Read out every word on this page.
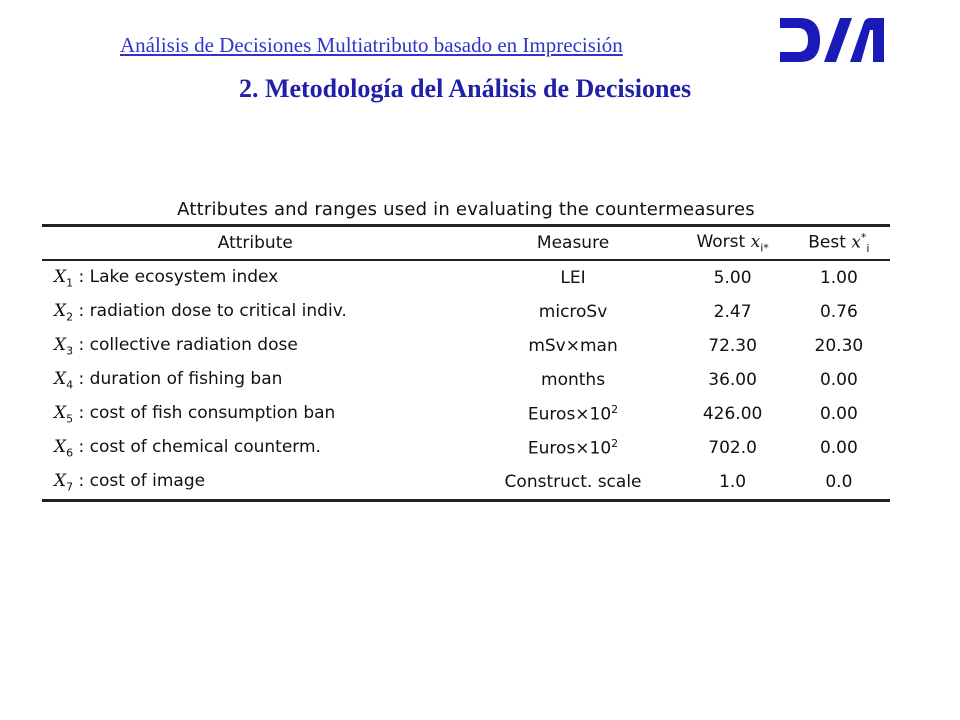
Análisis de Decisiones Multiatributo basado en Imprecisión
2. Metodología del Análisis de Decisiones
Attributes and ranges used in evaluating the countermeasures
Attribute	Measure	Worst $x_{i*}$	Best $x^*_i$
$X_1$ : Lake ecosystem index	LEI	5.00	1.00
$X_2$ : radiation dose to critical indiv.	microSv	2.47	0.76
$X_3$ : collective radiation dose	mSv×man	72.30	20.30
$X_4$ : duration of fishing ban	months	36.00	0.00
$X_5$ : cost of fish consumption ban	$Euros\times 10^2$	426.00	0.00
$X_6$ : cost of chemical counterm.	$Euros\times 10^2$	702.0	0.00
$X_7$ : cost of image	Construct. scale	1.0	0.0
